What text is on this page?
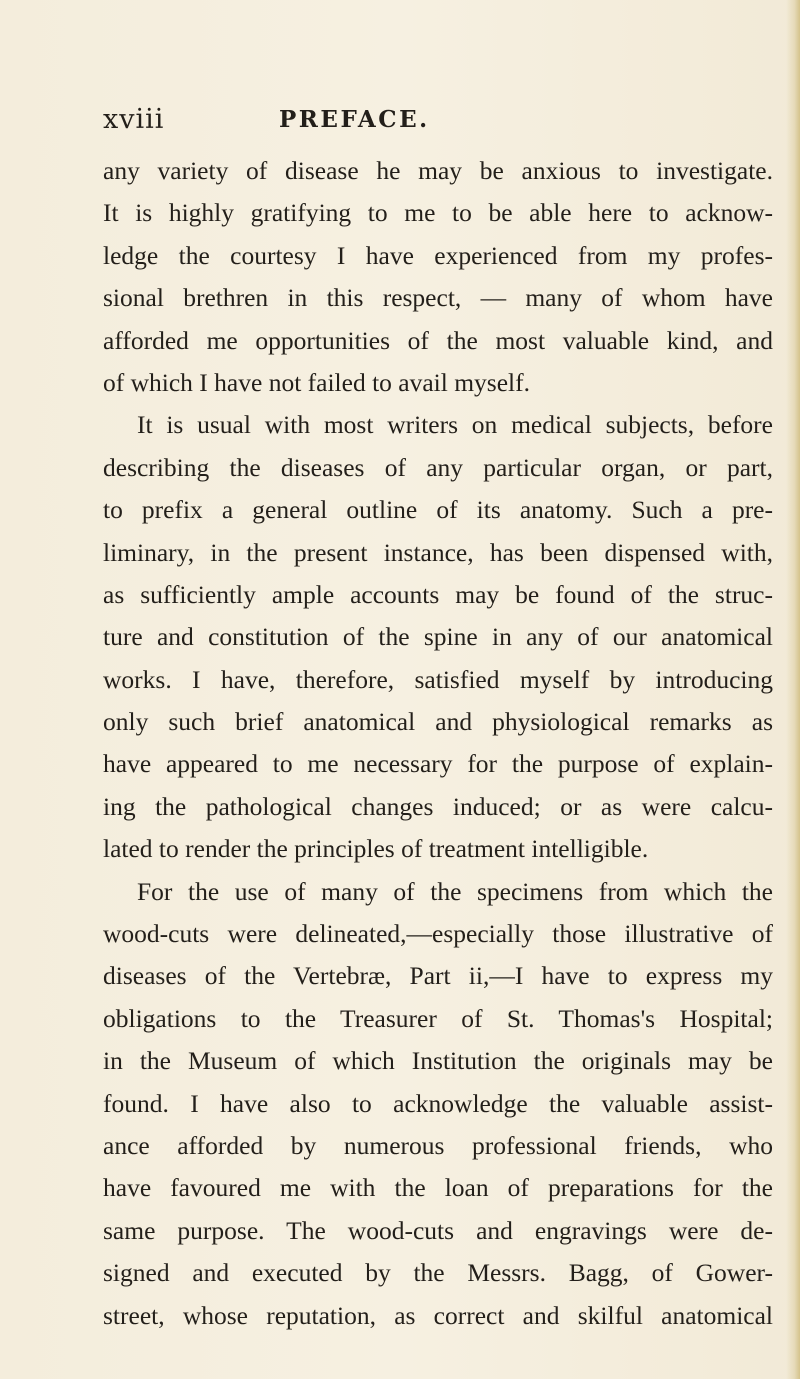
xviii	PREFACE.
any variety of disease he may be anxious to investigate.
It is highly gratifying to me to be able here to acknow-
ledge the courtesy I have experienced from my profes-
sional brethren in this respect, — many of whom have
afforded me opportunities of the most valuable kind, and
of which I have not failed to avail myself.
It is usual with most writers on medical subjects, before
describing the diseases of any particular organ, or part,
to prefix a general outline of its anatomy. Such a pre-
liminary, in the present instance, has been dispensed with,
as sufficiently ample accounts may be found of the struc-
ture and constitution of the spine in any of our anatomical
works. I have, therefore, satisfied myself by introducing
only such brief anatomical and physiological remarks as
have appeared to me necessary for the purpose of explain-
ing the pathological changes induced; or as were calcu-
lated to render the principles of treatment intelligible.
For the use of many of the specimens from which the
wood-cuts were delineated,—especially those illustrative of
diseases of the Vertebræ, Part ii,—I have to express my
obligations to the Treasurer of St. Thomas's Hospital;
in the Museum of which Institution the originals may be
found. I have also to acknowledge the valuable assist-
ance afforded by numerous professional friends, who
have favoured me with the loan of preparations for the
same purpose. The wood-cuts and engravings were de-
signed and executed by the Messrs. Bagg, of Gower-
street, whose reputation, as correct and skilful anatomical
